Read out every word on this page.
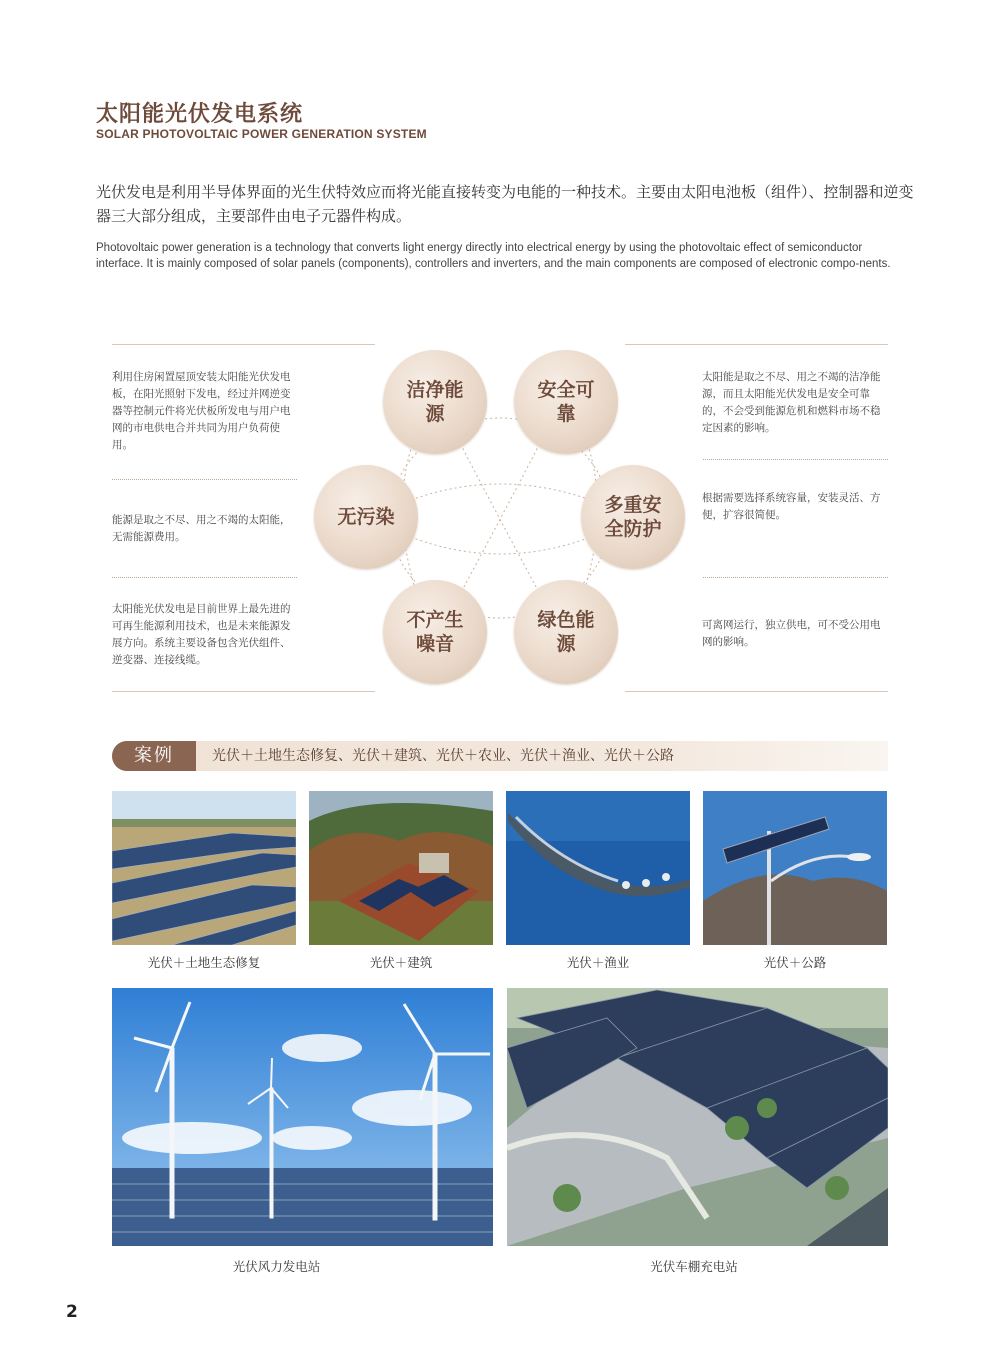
太阳能光伏发电系统
SOLAR PHOTOVOLTAIC POWER GENERATION SYSTEM
光伏发电是利用半导体界面的光生伏特效应而将光能直接转变为电能的一种技术。主要由太阳电池板（组件）、控制器和逆变器三大部分组成，主要部件由电子元器件构成。
Photovoltaic power generation is a technology that converts light energy directly into electrical energy by using the photovoltaic effect of semiconductor interface. It is mainly composed of solar panels (components), controllers and inverters, and the main components are composed of electronic compo-nents.
利用住房闲置屋顶安装太阳能光伏发电板，在阳光照射下发电，经过并网逆变器等控制元件将光伏板所发电与用户电网的市电供电合并共同为用户负荷使用。
能源是取之不尽、用之不竭的太阳能，无需能源费用。
太阳能光伏发电是目前世界上最先进的可再生能源利用技术，也是未来能源发展方向。系统主要设备包含光伏组件、逆变器、连接线缆。
太阳能是取之不尽、用之不竭的洁净能源，而且太阳能光伏发电是安全可靠的，不会受到能源危机和燃料市场不稳定因素的影响。
根据需要选择系统容量，安装灵活、方便，扩容很简便。
可离网运行，独立供电，可不受公用电网的影响。
洁净能源
安全可靠
无污染
多重安全防护
不产生噪音
绿色能源
案例	光伏＋土地生态修复、光伏＋建筑、光伏＋农业、光伏＋渔业、光伏＋公路
光伏＋土地生态修复	光伏＋建筑	光伏＋渔业	光伏＋公路
光伏风力发电站	光伏车棚充电站
2
